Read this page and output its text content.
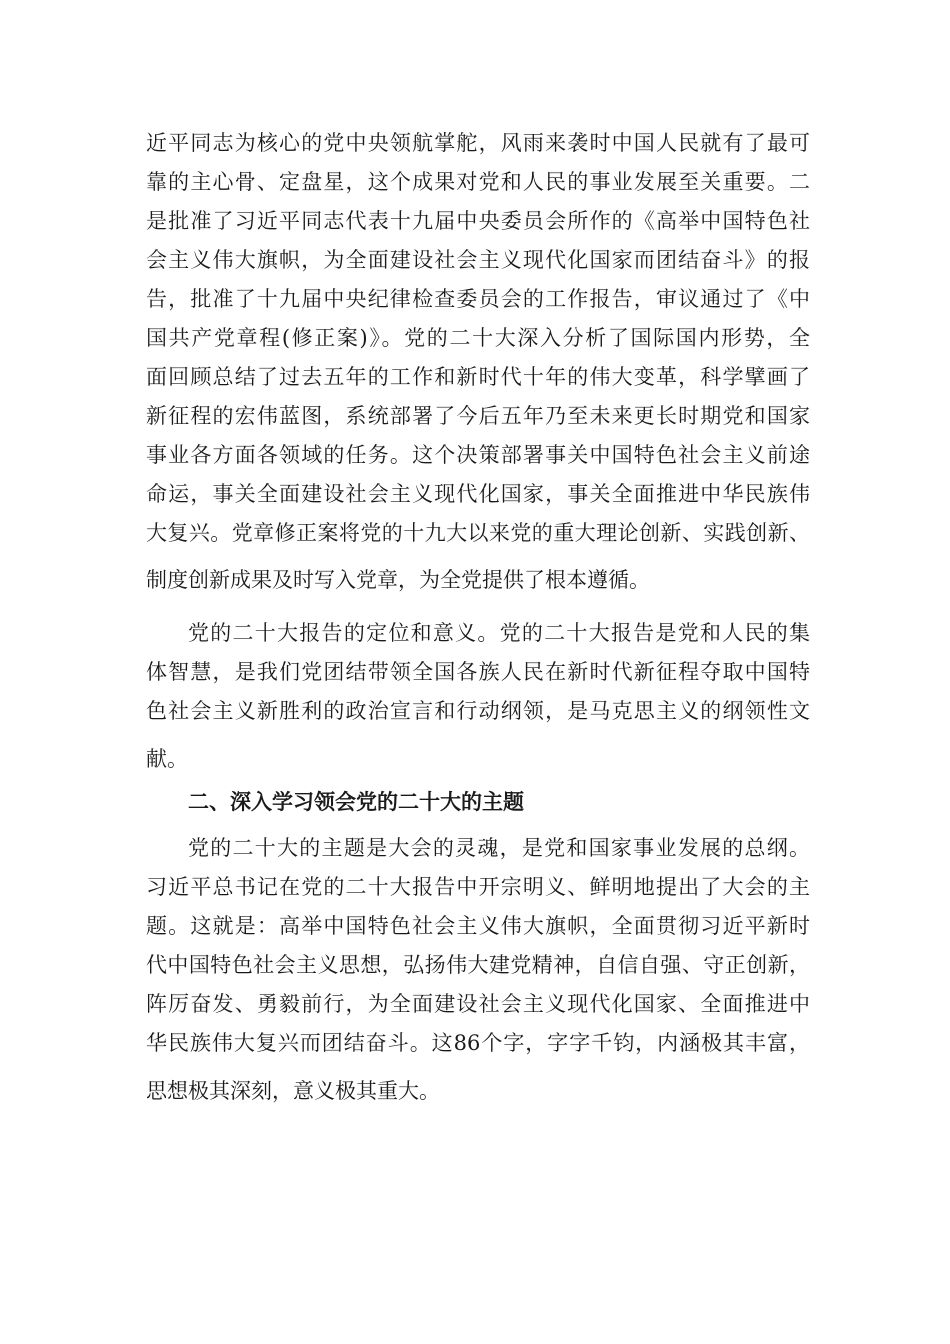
近平同志为核心的党中央领航掌舵，风雨来袭时中国人民就有了最可
靠的主心骨、定盘星，这个成果对党和人民的事业发展至关重要。二
是批准了习近平同志代表十九届中央委员会所作的《高举中国特色社
会主义伟大旗帜，为全面建设社会主义现代化国家而团结奋斗》的报
告，批准了十九届中央纪律检查委员会的工作报告，审议通过了《中
国共产党章程(修正案)》。党的二十大深入分析了国际国内形势，全
面回顾总结了过去五年的工作和新时代十年的伟大变革，科学擘画了
新征程的宏伟蓝图，系统部署了今后五年乃至未来更长时期党和国家
事业各方面各领域的任务。这个决策部署事关中国特色社会主义前途
命运，事关全面建设社会主义现代化国家，事关全面推进中华民族伟
大复兴。党章修正案将党的十九大以来党的重大理论创新、实践创新、
制度创新成果及时写入党章，为全党提供了根本遵循。
党的二十大报告的定位和意义。党的二十大报告是党和人民的集
体智慧，是我们党团结带领全国各族人民在新时代新征程夺取中国特
色社会主义新胜利的政治宣言和行动纲领，是马克思主义的纲领性文
献。
二、深入学习领会党的二十大的主题
党的二十大的主题是大会的灵魂，是党和国家事业发展的总纲。
习近平总书记在党的二十大报告中开宗明义、鲜明地提出了大会的主
题。这就是：高举中国特色社会主义伟大旗帜，全面贯彻习近平新时
代中国特色社会主义思想，弘扬伟大建党精神，自信自强、守正创新，
阵厉奋发、勇毅前行，为全面建设社会主义现代化国家、全面推进中
华民族伟大复兴而团结奋斗。这86个字，字字千钧，内涵极其丰富，
思想极其深刻，意义极其重大。
